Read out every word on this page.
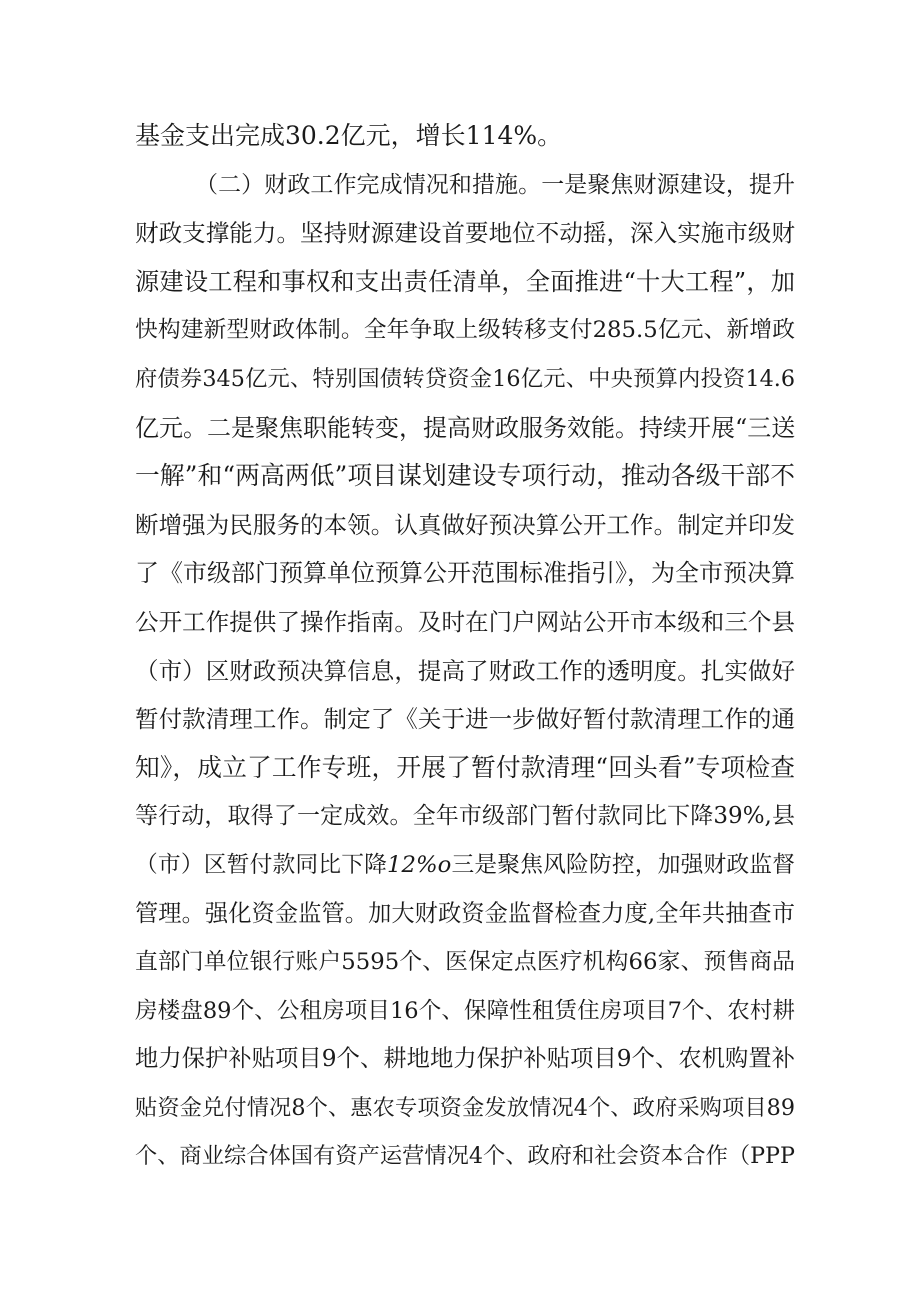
基金支出完成30.2亿元，增长114%。
（二）财政工作完成情况和措施。一是聚焦财源建设，提升
财政支撑能力。坚持财源建设首要地位不动摇，深入实施市级财
源建设工程和事权和支出责任清单，全面推进“十大工程”，加
快构建新型财政体制。全年争取上级转移支付285.5亿元、新增政
府债券345亿元、特别国债转贷资金16亿元、中央预算内投资14.6
亿元。二是聚焦职能转变，提高财政服务效能。持续开展“三送
一解”和“两高两低”项目谋划建设专项行动，推动各级干部不
断增强为民服务的本领。认真做好预决算公开工作。制定并印发
了《市级部门预算单位预算公开范围标准指引》，为全市预决算
公开工作提供了操作指南。及时在门户网站公开市本级和三个县
（市）区财政预决算信息，提高了财政工作的透明度。扎实做好
暂付款清理工作。制定了《关于进一步做好暂付款清理工作的通
知》，成立了工作专班，开展了暂付款清理“回头看”专项检查
等行动，取得了一定成效。全年市级部门暂付款同比下降39%,县
（市）区暂付款同比下降12%o三是聚焦风险防控，加强财政监督
管理。强化资金监管。加大财政资金监督检查力度,全年共抽查市
直部门单位银行账户5595个、医保定点医疗机构66家、预售商品
房楼盘89个、公租房项目16个、保障性租赁住房项目7个、农村耕
地力保护补贴项目9个、耕地地力保护补贴项目9个、农机购置补
贴资金兑付情况8个、惠农专项资金发放情况4个、政府采购项目89
个、商业综合体国有资产运营情况4个、政府和社会资本合作（PPP
